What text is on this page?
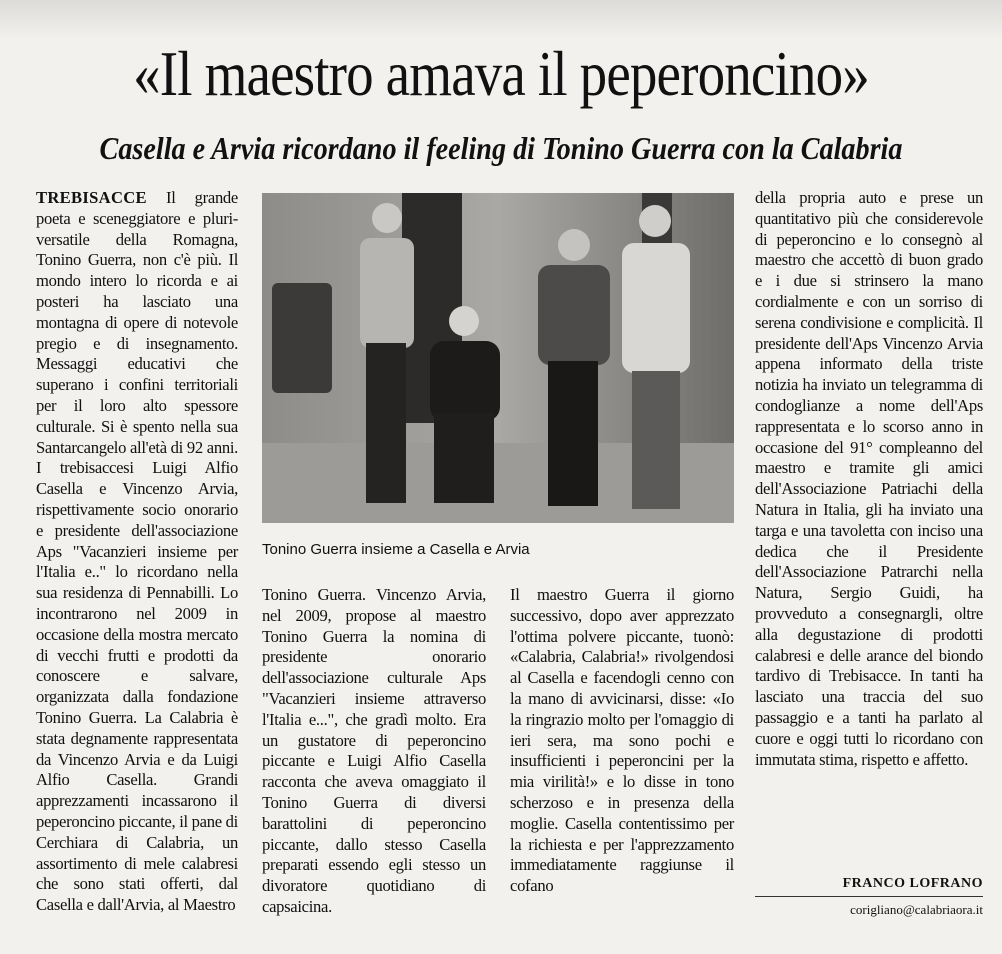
«Il maestro amava il peperoncino»
Casella e Arvia ricordano il feeling di Tonino Guerra con la Calabria

TREBISACCE Il grande poeta e sceneggiatore e pluri-versatile della Romagna, Tonino Guerra, non c'è più. Il mondo intero lo ricorda e ai posteri ha lasciato una montagna di opere di notevole pregio e di insegnamento. Messaggi educativi che superano i confini territoriali per il loro alto spessore culturale. Si è spento nella sua Santarcangelo all'età di 92 anni. I trebisaccesi Luigi Alfio Casella e Vincenzo Arvia, rispettivamente socio onorario e presidente dell'associazione Aps "Vacanzieri insieme per l'Italia e.." lo ricordano nella sua residenza di Pennabilli. Lo incontrarono nel 2009 in occasione della mostra mercato di vecchi frutti e prodotti da conoscere e salvare, organizzata dalla fondazione Tonino Guerra. La Calabria è stata degnamente rappresentata da Vincenzo Arvia e da Luigi Alfio Casella. Grandi apprezzamenti incassarono il peperoncino piccante, il pane di Cerchiara di Calabria, un assortimento di mele calabresi che sono stati offerti, dal Casella e dall'Arvia, al Maestro

Tonino Guerra insieme a Casella e Arvia

Tonino Guerra. Vincenzo Arvia, nel 2009, propose al maestro Tonino Guerra la nomina di presidente onorario dell'associazione culturale Aps "Vacanzieri insieme attraverso l'Italia e...", che gradì molto. Era un gustatore di peperoncino piccante e Luigi Alfio Casella racconta che aveva omaggiato il Tonino Guerra di diversi barattolini di peperoncino piccante, dallo stesso Casella preparati essendo egli stesso un divoratore quotidiano di capsaicina.

Il maestro Guerra il giorno successivo, dopo aver apprezzato l'ottima polvere piccante, tuonò: «Calabria, Calabria!» rivolgendosi al Casella e facendogli cenno con la mano di avvicinarsi, disse: «Io la ringrazio molto per l'omaggio di ieri sera, ma sono pochi e insufficienti i peperoncini per la mia virilità!» e lo disse in tono scherzoso e in presenza della moglie. Casella contentissimo per la richiesta e per l'apprezzamento immediatamente raggiunse il cofano

della propria auto e prese un quantitativo più che considerevole di peperoncino e lo consegnò al maestro che accettò di buon grado e i due si strinsero la mano cordialmente e con un sorriso di serena condivisione e complicità. Il presidente dell'Aps Vincenzo Arvia appena informato della triste notizia ha inviato un telegramma di condoglianze a nome dell'Aps rappresentata e lo scorso anno in occasione del 91° compleanno del maestro e tramite gli amici dell'Associazione Patriachi della Natura in Italia, gli ha inviato una targa e una tavoletta con inciso una dedica che il Presidente dell'Associazione Patrarchi nella Natura, Sergio Guidi, ha provveduto a consegnargli, oltre alla degustazione di prodotti calabresi e delle arance del biondo tardivo di Trebisacce. In tanti ha lasciato una traccia del suo passaggio e a tanti ha parlato al cuore e oggi tutti lo ricordano con immutata stima, rispetto e affetto.

FRANCO LOFRANO
corigliano@calabriaora.it
